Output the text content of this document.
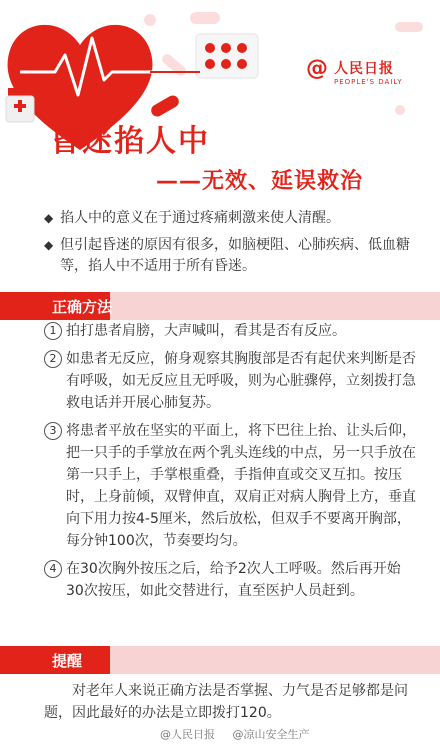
@ 人民日报
PEOPLE'S DAILY
昏迷掐人中
——无效、延误救治
◆ 掐人中的意义在于通过疼痛刺激来使人清醒。
◆ 但引起昏迷的原因有很多，如脑梗阻、心肺疾病、低血糖等，掐人中不适用于所有昏迷。
正确方法
1 拍打患者肩膀，大声喊叫，看其是否有反应。
2 如患者无反应，俯身观察其胸腹部是否有起伏来判断是否有呼吸，如无反应且无呼吸，则为心脏骤停，立刻拨打急救电话并开展心肺复苏。
3 将患者平放在坚实的平面上，将下巴往上抬、让头后仰，把一只手的手掌放在两个乳头连线的中点，另一只手放在第一只手上，手掌根重叠，手指伸直或交叉互扣。按压时，上身前倾，双臂伸直，双肩正对病人胸骨上方，垂直向下用力按4-5厘米，然后放松，但双手不要离开胸部，每分钟100次，节奏要均匀。
4 在30次胸外按压之后，给予2次人工呼吸。然后再开始30次按压，如此交替进行，直至医护人员赶到。
提醒
对老年人来说正确方法是否掌握、力气是否足够都是问题，因此最好的办法是立即拨打120。
@人民日报 @凉山安全生产
